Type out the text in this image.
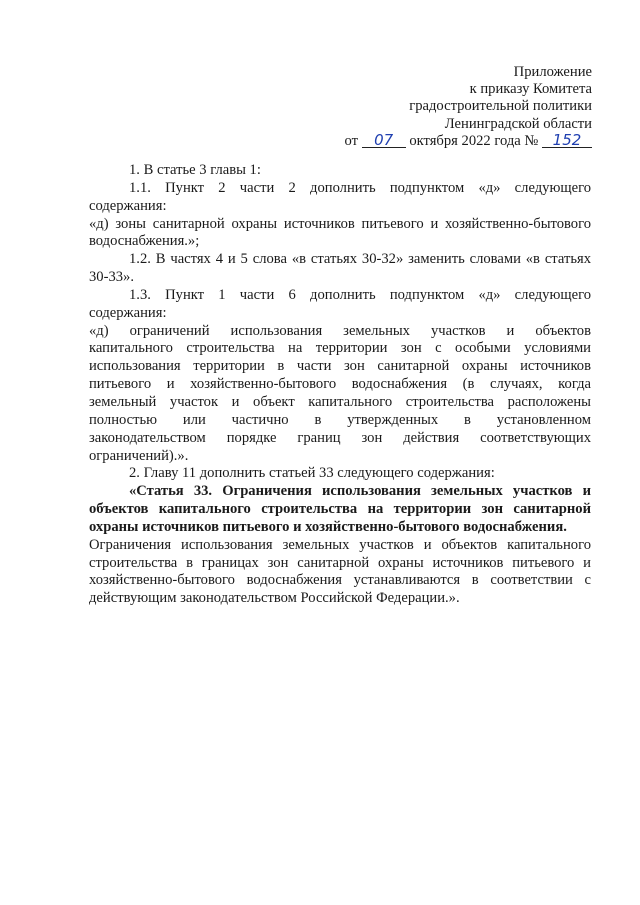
Приложение
к приказу Комитета
градостроительной политики
Ленинградской области
от 07 октября 2022 года № 152

1. В статье 3 главы 1:

1.1. Пункт 2 части 2 дополнить подпунктом «д» следующего

содержания:

«д) зоны санитарной охраны источников питьевого и хозяйственно-бытового

водоснабжения.»;

1.2. В частях 4 и 5 слова «в статьях 30-32» заменить словами «в статьях

30-33».

1.3. Пункт 1 части 6 дополнить подпунктом «д» следующего

содержания:

«д) ограничений использования земельных участков и объектов

капитального строительства на территории зон с особыми условиями

использования территории в части зон санитарной охраны источников

питьевого и хозяйственно-бытового водоснабжения (в случаях, когда

земельный участок и объект капитального строительства расположены

полностью или частично в утвержденных в установленном

законодательством порядке границ зон действия соответствующих

ограничений).».

2. Главу 11 дополнить статьей 33 следующего содержания:

«Статья 33. Ограничения использования земельных участков и

объектов капитального строительства на территории зон санитарной

охраны источников питьевого и хозяйственно-бытового водоснабжения.

Ограничения использования земельных участков и объектов капитального

строительства в границах зон санитарной охраны источников питьевого и

хозяйственно-бытового водоснабжения устанавливаются в соответствии с

действующим законодательством Российской Федерации.».
